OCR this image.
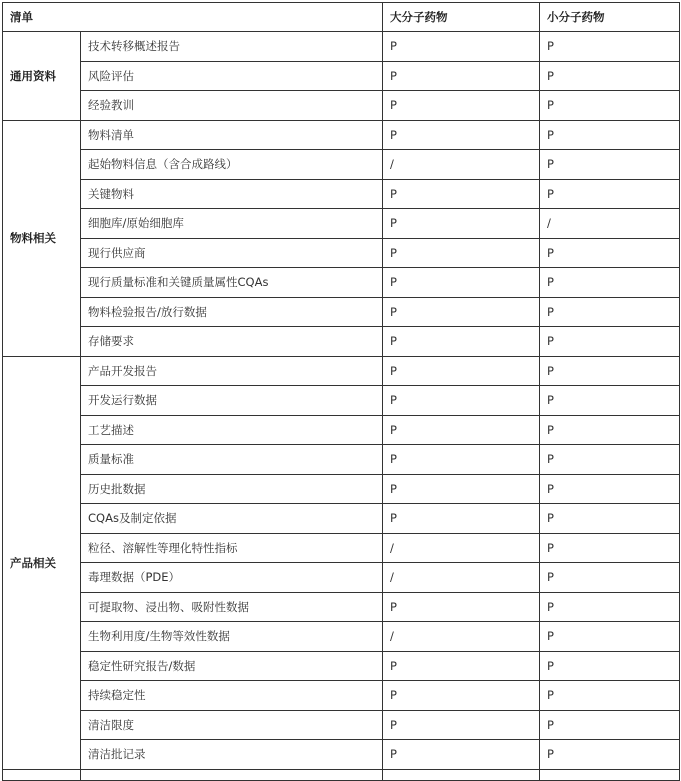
清单		大分子药物	小分子药物
通用资料	技术转移概述报告	P	P
	风险评估	P	P
	经验教训	P	P
物料相关	物料清单	P	P
	起始物料信息（含合成路线）	/	P
	关键物料	P	P
	细胞库/原始细胞库	P	/
	现行供应商	P	P
	现行质量标准和关键质量属性CQAs	P	P
	物料检验报告/放行数据	P	P
	存储要求	P	P
产品相关	产品开发报告	P	P
	开发运行数据	P	P
	工艺描述	P	P
	质量标准	P	P
	历史批数据	P	P
	CQAs及制定依据	P	P
	粒径、溶解性等理化特性指标	/	P
	毒理数据（PDE）	/	P
	可提取物、浸出物、吸附性数据	P	P
	生物利用度/生物等效性数据	/	P
	稳定性研究报告/数据	P	P
	持续稳定性	P	P
	清洁限度	P	P
	清洁批记录	P	P
